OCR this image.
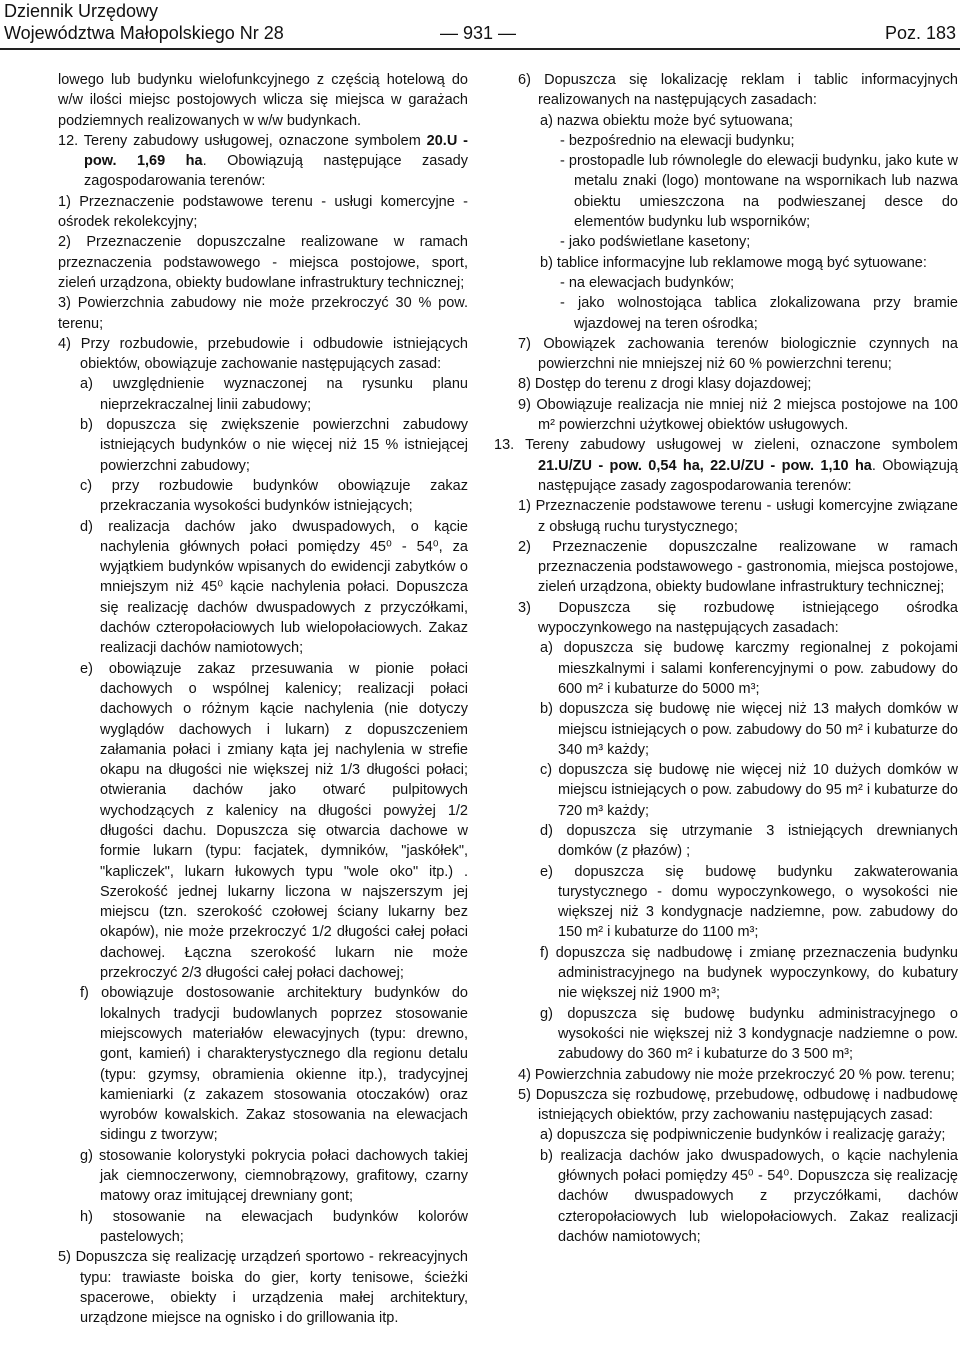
Dziennik Urzędowy
Województwa Małopolskiego Nr 28	— 931 —	Poz. 183

lowego lub budynku wielofunkcyjnego z częścią hotelową do w/w ilości miejsc postojowych wlicza się miejsca w garażach podziemnych realizowanych w w/w budynkach.

12. Tereny zabudowy usługowej, oznaczone symbolem 20.U - pow. 1,69 ha. Obowiązują następujące zasady zagospodarowania terenów:

1) Przeznaczenie podstawowe terenu - usługi komercyjne - ośrodek rekolekcyjny;

2) Przeznaczenie dopuszczalne realizowane w ramach przeznaczenia podstawowego - miejsca postojowe, sport, zieleń urządzona, obiekty budowlane infrastruktury technicznej;

3) Powierzchnia zabudowy nie może przekroczyć 30 % pow. terenu;

4) Przy rozbudowie, przebudowie i odbudowie istniejących obiektów, obowiązuje zachowanie następujących zasad:

a) uwzględnienie wyznaczonej na rysunku planu nieprzekraczalnej linii zabudowy;

b) dopuszcza się zwiększenie powierzchni zabudowy istniejących budynków o nie więcej niż 15 % istniejącej powierzchni zabudowy;

c) przy rozbudowie budynków obowiązuje zakaz przekraczania wysokości budynków istniejących;

d) realizacja dachów jako dwuspadowych, o kącie nachylenia głównych połaci pomiędzy 45⁰ - 54⁰, za wyjątkiem budynków wpisanych do ewidencji zabytków o mniejszym niż 45⁰ kącie nachylenia połaci. Dopuszcza się realizację dachów dwuspadowych z przyczółkami, dachów czteropołaciowych lub wielopołaciowych. Zakaz realizacji dachów namiotowych;

e) obowiązuje zakaz przesuwania w pionie połaci dachowych o wspólnej kalenicy; realizacji połaci dachowych o różnym kącie nachylenia (nie dotyczy wyglądów dachowych i lukarn) z dopuszczeniem załamania połaci i zmiany kąta jej nachylenia w strefie okapu na długości nie większej niż 1/3 długości połaci; otwierania dachów jako otwarć pulpitowych wychodzących z kalenicy na długości powyżej 1/2 długości dachu. Dopuszcza się otwarcia dachowe w formie lukarn (typu: facjatek, dymników, "jaskółek", "kapliczek", lukarn łukowych typu "wole oko" itp.) . Szerokość jednej lukarny liczona w najszerszym jej miejscu (tzn. szerokość czołowej ściany lukarny bez okapów), nie może przekroczyć 1/2 długości całej połaci dachowej. Łączna szerokość lukarn nie może przekroczyć 2/3 długości całej połaci dachowej;

f) obowiązuje dostosowanie architektury budynków do lokalnych tradycji budowlanych poprzez stosowanie miejscowych materiałów elewacyjnych (typu: drewno, gont, kamień) i charakterystycznego dla regionu detalu (typu: gzymsy, obramienia okienne itp.), tradycyjnej kamieniarki (z zakazem stosowania otoczaków) oraz wyrobów kowalskich. Zakaz stosowania na elewacjach sidingu z tworzyw;

g) stosowanie kolorystyki pokrycia połaci dachowych takiej jak ciemnoczerwony, ciemnobrązowy, grafitowy, czarny matowy oraz imitującej drewniany gont;

h) stosowanie na elewacjach budynków kolorów pastelowych;

5) Dopuszcza się realizację urządzeń sportowo - rekreacyjnych typu: trawiaste boiska do gier, korty tenisowe, ścieżki spacerowe, obiekty i urządzenia małej architektury, urządzone miejsce na ognisko i do grillowania itp.

6) Dopuszcza się lokalizację reklam i tablic informacyjnych realizowanych na następujących zasadach:

a) nazwa obiektu może być sytuowana;

- bezpośrednio na elewacji budynku;

- prostopadle lub równolegle do elewacji budynku, jako kute w metalu znaki (logo) montowane na wspornikach lub nazwa obiektu umieszczona na podwieszanej desce do elementów budynku lub wsporników;

- jako podświetlane kasetony;

b) tablice informacyjne lub reklamowe mogą być sytuowane:

- na elewacjach budynków;

- jako wolnostojąca tablica zlokalizowana przy bramie wjazdowej na teren ośrodka;

7) Obowiązek zachowania terenów biologicznie czynnych na powierzchni nie mniejszej niż 60 % powierzchni terenu;

8) Dostęp do terenu z drogi klasy dojazdowej;

9) Obowiązuje realizacja nie mniej niż 2 miejsca postojowe na 100 m² powierzchni użytkowej obiektów usługowych.

13. Tereny zabudowy usługowej w zieleni, oznaczone symbolem 21.U/ZU - pow. 0,54 ha, 22.U/ZU - pow. 1,10 ha. Obowiązują następujące zasady zagospodarowania terenów:

1) Przeznaczenie podstawowe terenu - usługi komercyjne związane z obsługą ruchu turystycznego;

2) Przeznaczenie dopuszczalne realizowane w ramach przeznaczenia podstawowego - gastronomia, miejsca postojowe, zieleń urządzona, obiekty budowlane infrastruktury technicznej;

3) Dopuszcza się rozbudowę istniejącego ośrodka wypoczynkowego na następujących zasadach:

a) dopuszcza się budowę karczmy regionalnej z pokojami mieszkalnymi i salami konferencyjnymi o pow. zabudowy do 600 m² i kubaturze do 5000 m³;

b) dopuszcza się budowę nie więcej niż 13 małych domków w miejscu istniejących o pow. zabudowy do 50 m² i kubaturze do 340 m³ każdy;

c) dopuszcza się budowę nie więcej niż 10 dużych domków w miejscu istniejących o pow. zabudowy do 95 m² i kubaturze do 720 m³ każdy;

d) dopuszcza się utrzymanie 3 istniejących drewnianych domków (z płazów) ;

e) dopuszcza się budowę budynku zakwaterowania turystycznego - domu wypoczynkowego, o wysokości nie większej niż 3 kondygnacje nadziemne, pow. zabudowy do 150 m² i kubaturze do 1100 m³;

f) dopuszcza się nadbudowę i zmianę przeznaczenia budynku administracyjnego na budynek wypoczynkowy, do kubatury nie większej niż 1900 m³;

g) dopuszcza się budowę budynku administracyjnego o wysokości nie większej niż 3 kondygnacje nadziemne o pow. zabudowy do 360 m² i kubaturze do 3 500 m³;

4) Powierzchnia zabudowy nie może przekroczyć 20 % pow. terenu;

5) Dopuszcza się rozbudowę, przebudowę, odbudowę i nadbudowę istniejących obiektów, przy zachowaniu następujących zasad:

a) dopuszcza się podpiwniczenie budynków i realizację garaży;

b) realizacja dachów jako dwuspadowych, o kącie nachylenia głównych połaci pomiędzy 45⁰ - 54⁰. Dopuszcza się realizację dachów dwuspadowych z przyczółkami, dachów czteropołaciowych lub wielopołaciowych. Zakaz realizacji dachów namiotowych;
